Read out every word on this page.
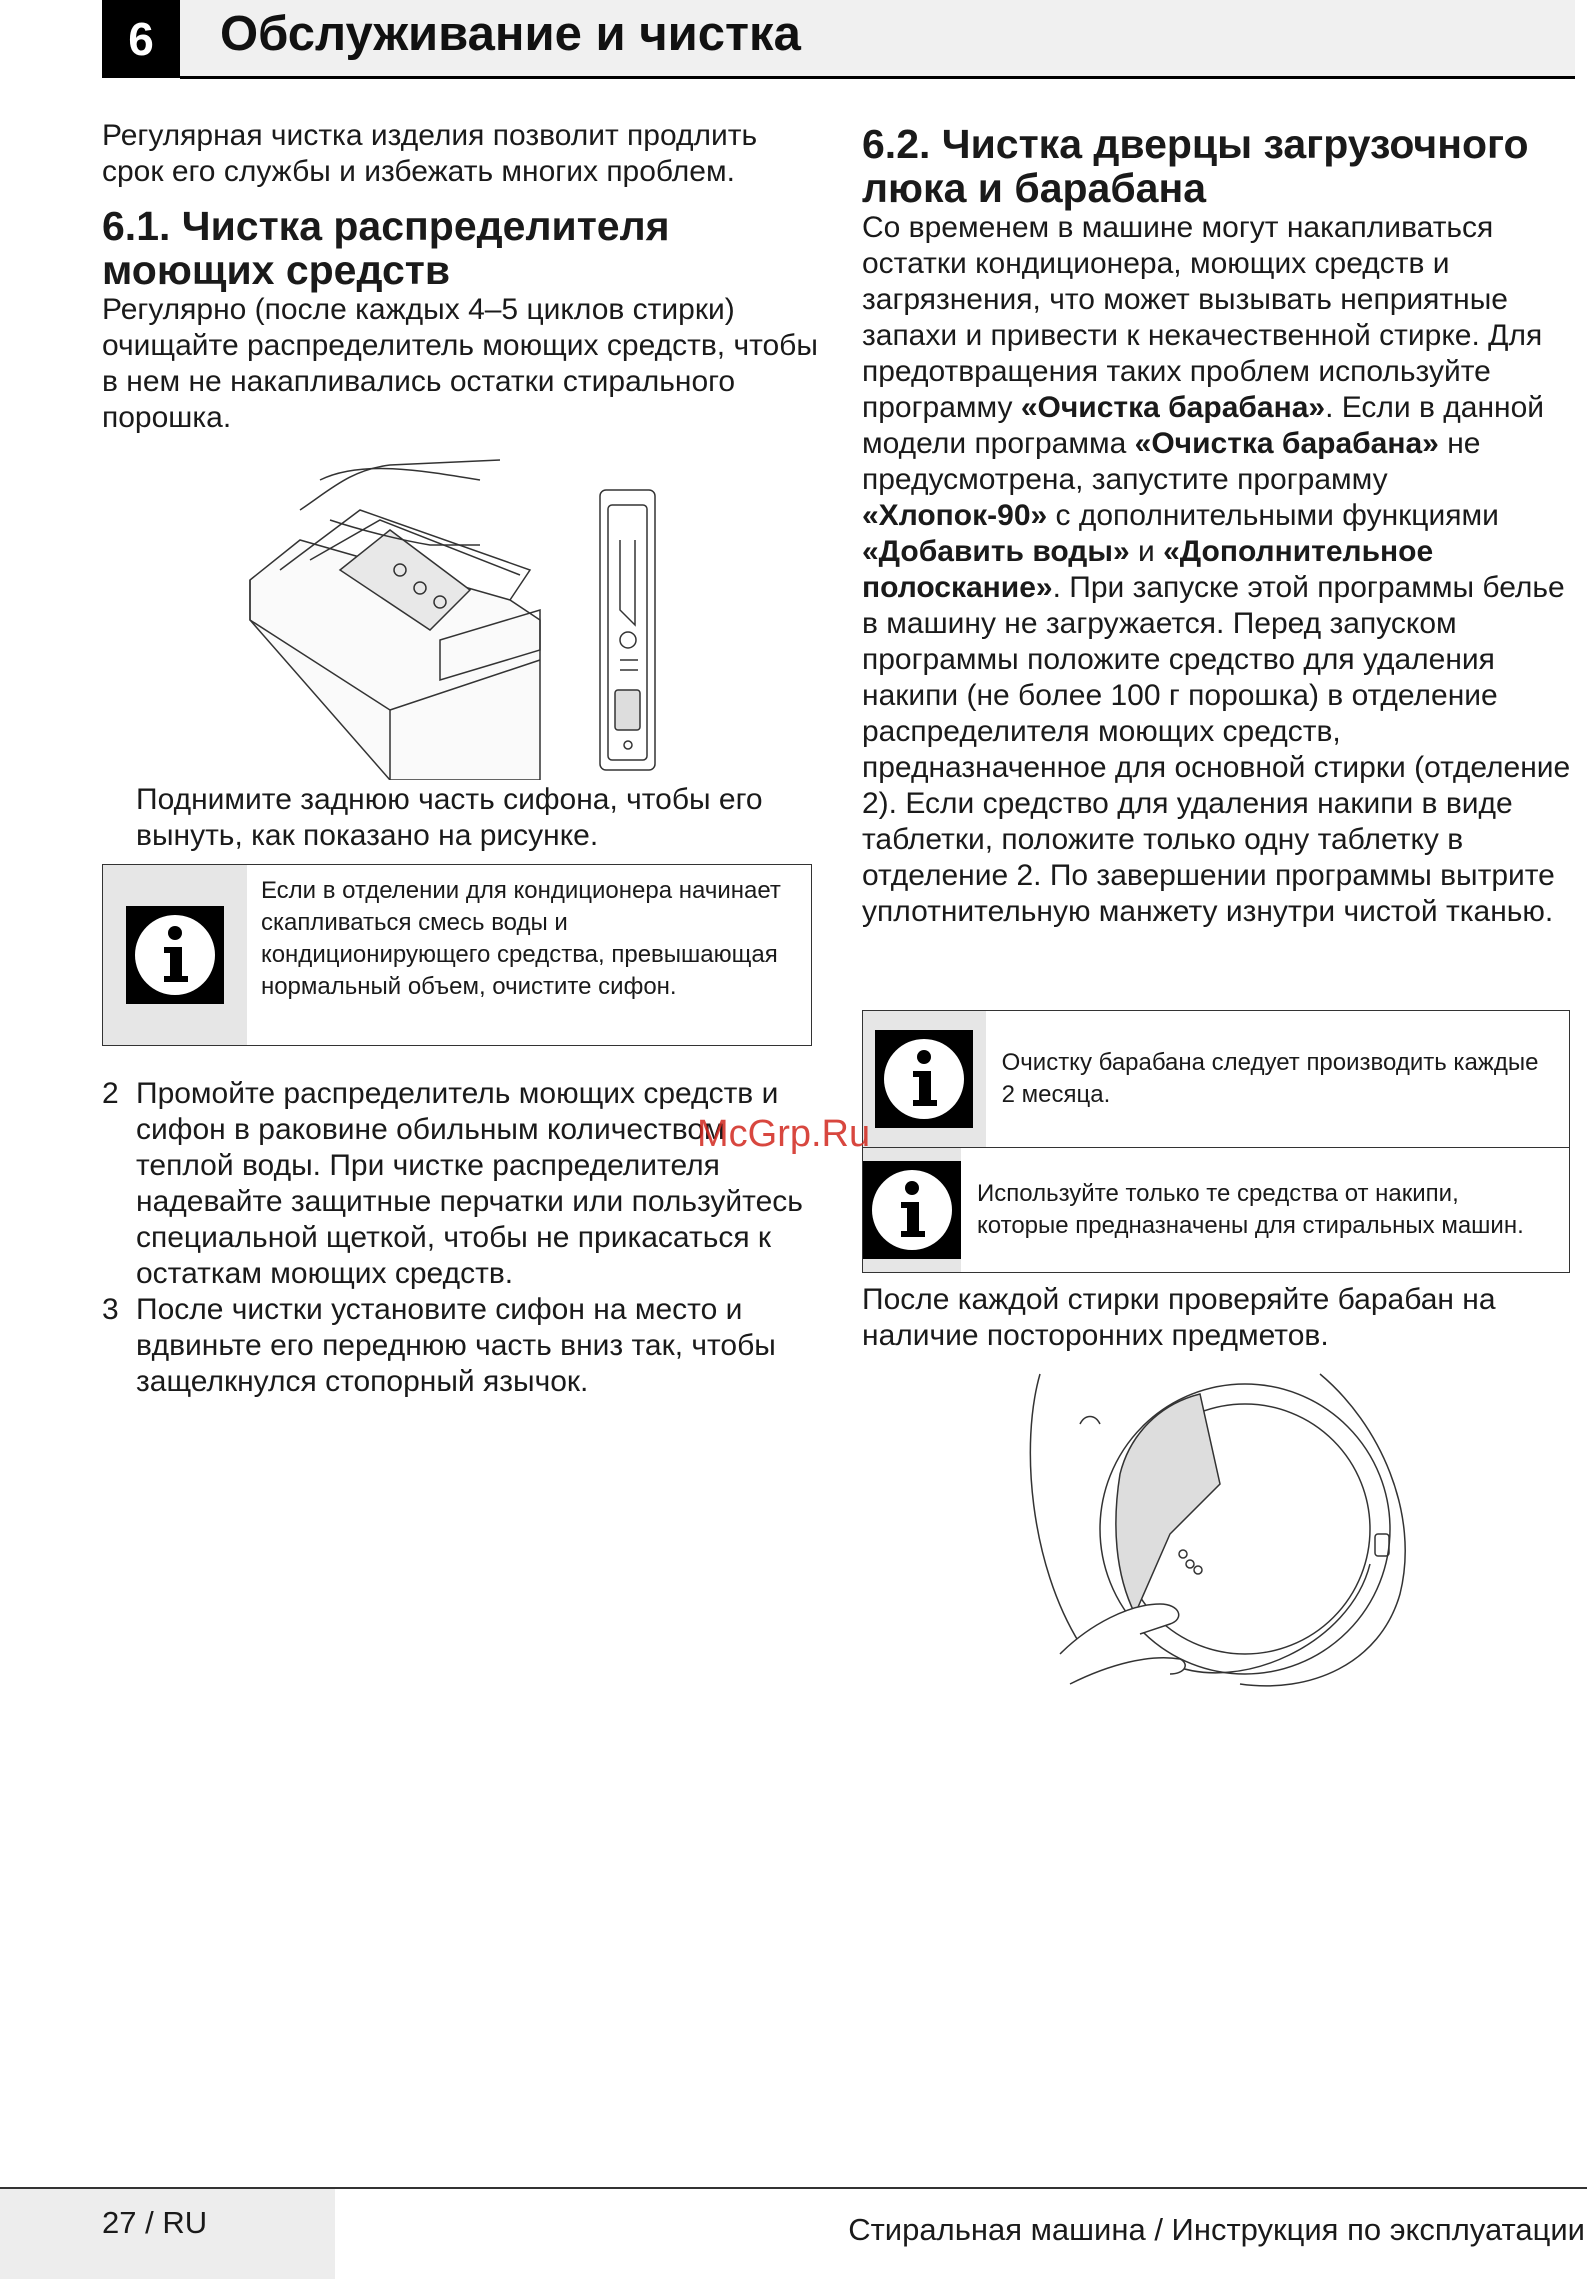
6	Обслуживание и чистка

Регулярная чистка изделия позволит продлить срок его службы и избежать многих проблем.

6.1. Чистка распределителя моющих средств

Регулярно (после каждых 4–5 циклов стирки) очищайте распределитель моющих средств, чтобы в нем не накапливались остатки стирального порошка.

Поднимите заднюю часть сифона, чтобы его вынуть, как показано на рисунке.

Если в отделении для кондиционера начинает скапливаться смесь воды и кондиционирующего средства, превышающая нормальный объем, очистите сифон.
2 Промойте распределитель моющих средств и сифон в раковине обильным количеством теплой воды. При чистке распределителя надевайте защитные перчатки или пользуйтесь специальной щеткой, чтобы не прикасаться к остаткам моющих средств.
3 После чистки установите сифон на место и вдвиньте его переднюю часть вниз так, чтобы защелкнулся стопорный язычок.

6.2. Чистка дверцы загрузочного люка и барабана

Со временем в машине могут накапливаться остатки кондиционера, моющих средств и загрязнения, что может вызывать неприятные запахи и привести к некачественной стирке. Для предотвращения таких проблем используйте программу «Очистка барабана». Если в данной модели программа «Очистка барабана» не предусмотрена, запустите программу «Хлопок-90» с дополнительными функциями «Добавить воды» и «Дополнительное полоскание». При запуске этой программы белье в машину не загружается. Перед запуском программы положите средство для удаления накипи (не более 100 г порошка) в отделение распределителя моющих средств, предназначенное для основной стирки (отделение 2). Если средство для удаления накипи в виде таблетки, положите только одну таблетку в отделение 2. По завершении программы вытрите уплотнительную манжету изнутри чистой тканью.

Очистку барабана следует производить каждые 2 месяца.
Используйте только те средства от накипи, которые предназначены для стиральных машин.

После каждой стирки проверяйте барабан на наличие посторонних предметов.

McGrp.Ru
27 / RU	Стиральная машина / Инструкция по эксплуатации
